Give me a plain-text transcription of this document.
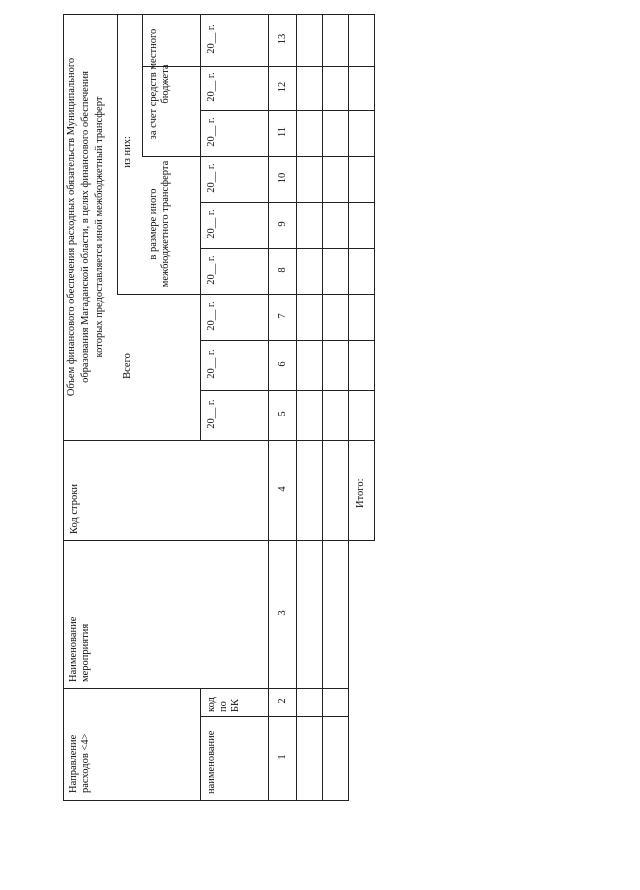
Направление расходов <4>
Наименование мероприятия
Код строки
Объем финансового обеспечения расходных обязательств Муниципального образования Магаданской области, в целях финансового обеспечения которых предоставляется иной межбюджетный трансферт
Всего
из них:
в размере иного межбюджетного трансферта
за счет средств местного бюджета
наименование
код по БК
20__ г.
20__ г.
20__ г.
20__ г.
20__ г.
20__ г.
20__ г.
20__ г.
20__ г.
1
2
3
4
5
6
7
8
9
10
11
12
13
Итого:
